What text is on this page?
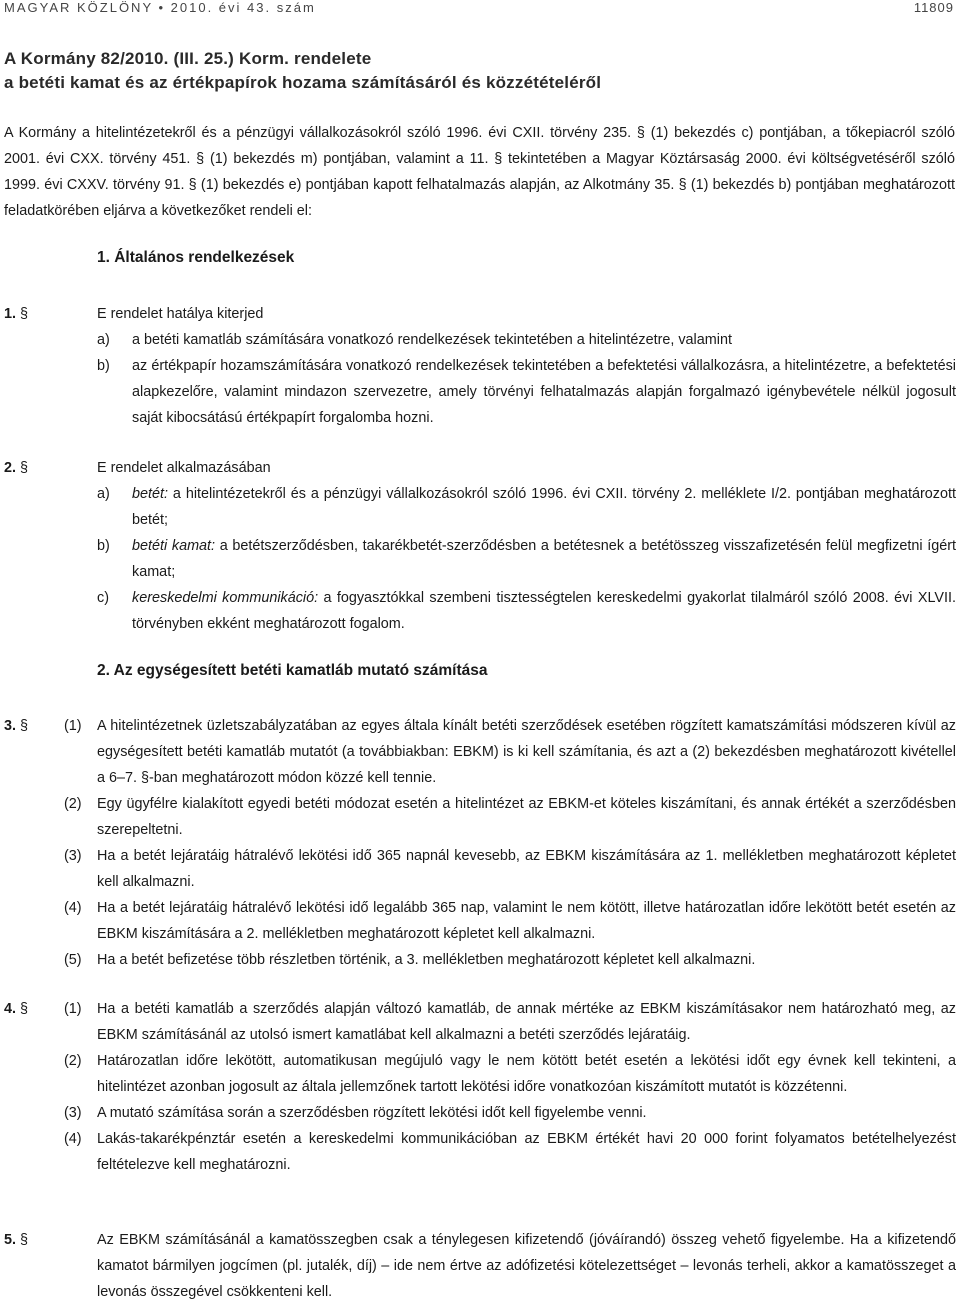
MAGYAR KÖZLÖNY • 2010. évi 43. szám	11809
A Kormány 82/2010. (III. 25.) Korm. rendelete
a betéti kamat és az értékpapírok hozama számításáról és közzétételéről
A Kormány a hitelintézetekről és a pénzügyi vállalkozásokról szóló 1996. évi CXII. törvény 235. § (1) bekezdés c) pontjában, a tőkepiacról szóló 2001. évi CXX. törvény 451. § (1) bekezdés m) pontjában, valamint a 11. § tekintetében a Magyar Köztársaság 2000. évi költségvetéséről szóló 1999. évi CXXV. törvény 91. § (1) bekezdés e) pontjában kapott felhatalmazás alapján, az Alkotmány 35. § (1) bekezdés b) pontjában meghatározott feladatkörében eljárva a következőket rendeli el:
1. Általános rendelkezések
1. §	E rendelet hatálya kiterjed
a) a betéti kamatláb számítására vonatkozó rendelkezések tekintetében a hitelintézetre, valamint
b) az értékpapír hozamszámítására vonatkozó rendelkezések tekintetében a befektetési vállalkozásra, a hitelintézetre, a befektetési alapkezelőre, valamint mindazon szervezetre, amely törvényi felhatalmazás alapján forgalmazó igénybevétele nélkül jogosult saját kibocsátású értékpapírt forgalomba hozni.
2. §	E rendelet alkalmazásában
a) betét: a hitelintézetekről és a pénzügyi vállalkozásokról szóló 1996. évi CXII. törvény 2. melléklete I/2. pontjában meghatározott betét;
b) betéti kamat: a betétszerződésben, takarékbetét-szerződésben a betétesnek a betétösszeg visszafizetésén felül megfizetni ígért kamat;
c) kereskedelmi kommunikáció: a fogyasztókkal szembeni tisztességtelen kereskedelmi gyakorlat tilalmáról szóló 2008. évi XLVII. törvényben ekként meghatározott fogalom.
2. Az egységesített betéti kamatláb mutató számítása
3. § (1) A hitelintézetnek üzletszabályzatában az egyes általa kínált betéti szerződések esetében rögzített kamatszámítási módszeren kívül az egységesített betéti kamatláb mutatót (a továbbiakban: EBKM) is ki kell számítania, és azt a (2) bekezdésben meghatározott kivétellel a 6–7. §-ban meghatározott módon közzé kell tennie.
(2) Egy ügyfélre kialakított egyedi betéti módozat esetén a hitelintézet az EBKM-et köteles kiszámítani, és annak értékét a szerződésben szerepeltetni.
(3) Ha a betét lejáratáig hátralévő lekötési idő 365 napnál kevesebb, az EBKM kiszámítására az 1. mellékletben meghatározott képletet kell alkalmazni.
(4) Ha a betét lejáratáig hátralévő lekötési idő legalább 365 nap, valamint le nem kötött, illetve határozatlan időre lekötött betét esetén az EBKM kiszámítására a 2. mellékletben meghatározott képletet kell alkalmazni.
(5) Ha a betét befizetése több részletben történik, a 3. mellékletben meghatározott képletet kell alkalmazni.
4. § (1) Ha a betéti kamatláb a szerződés alapján változó kamatláb, de annak mértéke az EBKM kiszámításakor nem határozható meg, az EBKM számításánál az utolsó ismert kamatlábat kell alkalmazni a betéti szerződés lejáratáig.
(2) Határozatlan időre lekötött, automatikusan megújuló vagy le nem kötött betét esetén a lekötési időt egy évnek kell tekinteni, a hitelintézet azonban jogosult az általa jellemzőnek tartott lekötési időre vonatkozóan kiszámított mutatót is közzétenni.
(3) A mutató számítása során a szerződésben rögzített lekötési időt kell figyelembe venni.
(4) Lakás-takarékpénztár esetén a kereskedelmi kommunikációban az EBKM értékét havi 20 000 forint folyamatos betételhelyezést feltételezve kell meghatározni.
5. §	Az EBKM számításánál a kamatösszegben csak a ténylegesen kifizetendő (jóváírandó) összeg vehető figyelembe. Ha a kifizetendő kamatot bármilyen jogcímen (pl. jutalék, díj) – ide nem értve az adófizetési kötelezettséget – levonás terheli, akkor a kamatösszeget a levonás összegével csökkenteni kell.
